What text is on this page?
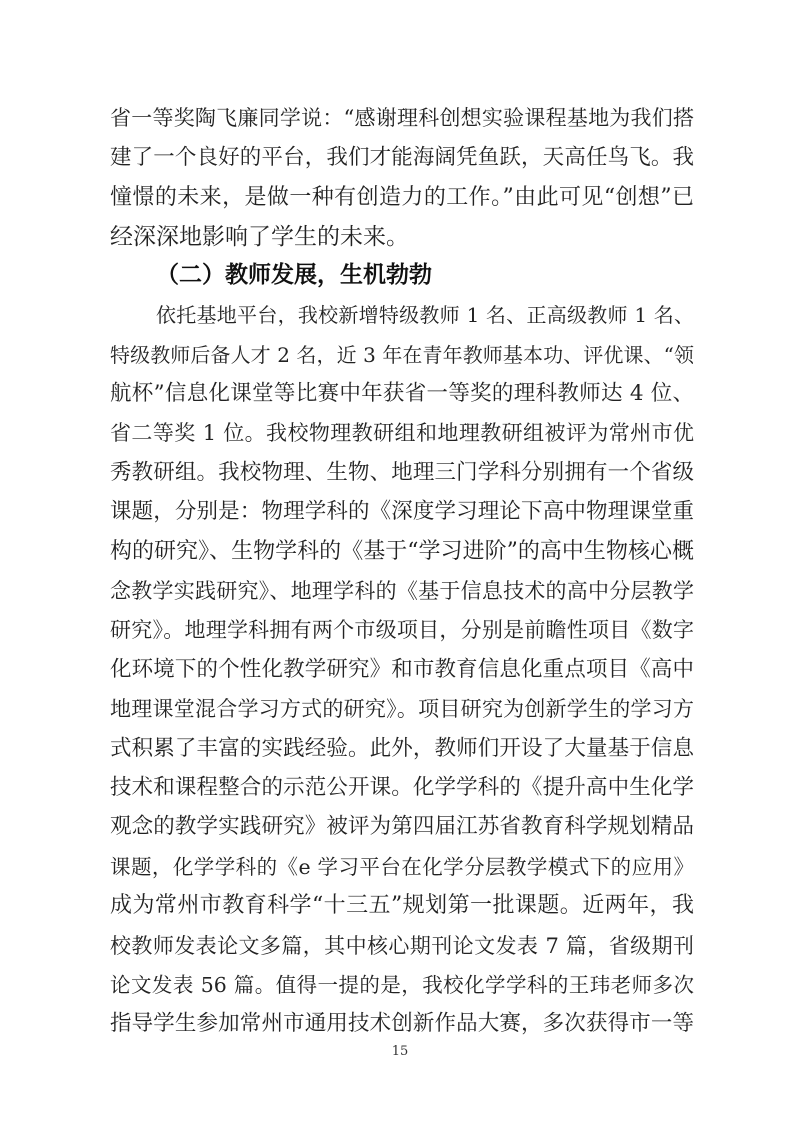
省一等奖陶飞廉同学说：“感谢理科创想实验课程基地为我们搭

建了一个良好的平台，我们才能海阔凭鱼跃，天高任鸟飞。我

憧憬的未来，是做一种有创造力的工作。”由此可见“创想”已

经深深地影响了学生的未来。

（二）教师发展，生机勃勃

依托基地平台，我校新增特级教师 1 名、正高级教师 1 名、

特级教师后备人才 2 名，近 3 年在青年教师基本功、评优课、“领

航杯”信息化课堂等比赛中年获省一等奖的理科教师达 4 位、

省二等奖 1 位。我校物理教研组和地理教研组被评为常州市优

秀教研组。我校物理、生物、地理三门学科分别拥有一个省级

课题，分别是：物理学科的《深度学习理论下高中物理课堂重

构的研究》、生物学科的《基于“学习进阶”的高中生物核心概

念教学实践研究》、地理学科的《基于信息技术的高中分层教学

研究》。地理学科拥有两个市级项目，分别是前瞻性项目《数字

化环境下的个性化教学研究》和市教育信息化重点项目《高中

地理课堂混合学习方式的研究》。项目研究为创新学生的学习方

式积累了丰富的实践经验。此外，教师们开设了大量基于信息

技术和课程整合的示范公开课。化学学科的《提升高中生化学

观念的教学实践研究》被评为第四届江苏省教育科学规划精品

课题，化学学科的《e 学习平台在化学分层教学模式下的应用》

成为常州市教育科学“十三五”规划第一批课题。近两年，我

校教师发表论文多篇，其中核心期刊论文发表 7 篇，省级期刊

论文发表 56 篇。值得一提的是，我校化学学科的王玮老师多次

指导学生参加常州市通用技术创新作品大赛，多次获得市一等

15
